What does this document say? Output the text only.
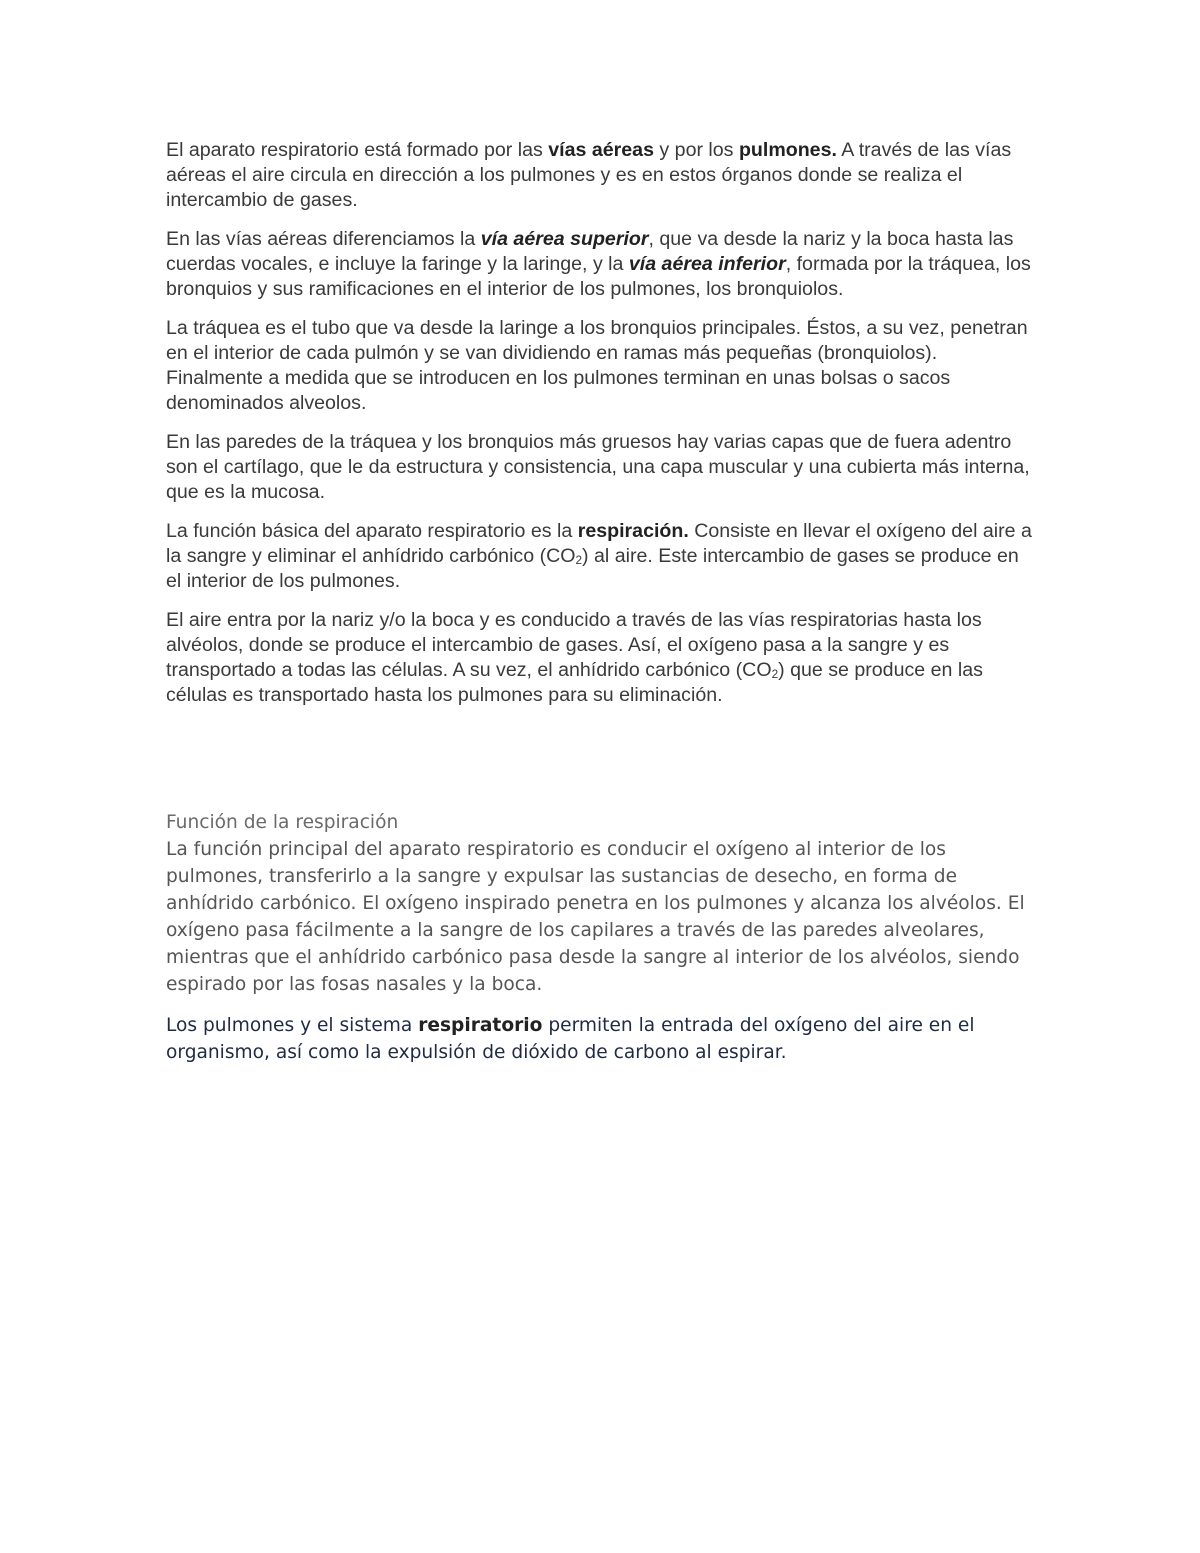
El aparato respiratorio está formado por las vías aéreas y por los pulmones. A través de las vías aéreas el aire circula en dirección a los pulmones y es en estos órganos donde se realiza el intercambio de gases.

En las vías aéreas diferenciamos la vía aérea superior, que va desde la nariz y la boca hasta las cuerdas vocales, e incluye la faringe y la laringe, y la vía aérea inferior, formada por la tráquea, los bronquios y sus ramificaciones en el interior de los pulmones, los bronquiolos.

La tráquea es el tubo que va desde la laringe a los bronquios principales. Éstos, a su vez, penetran en el interior de cada pulmón y se van dividiendo en ramas más pequeñas (bronquiolos). Finalmente a medida que se introducen en los pulmones terminan en unas bolsas o sacos denominados alveolos.

En las paredes de la tráquea y los bronquios más gruesos hay varias capas que de fuera adentro son el cartílago, que le da estructura y consistencia, una capa muscular y una cubierta más interna, que es la mucosa.

La función básica del aparato respiratorio es la respiración. Consiste en llevar el oxígeno del aire a la sangre y eliminar el anhídrido carbónico $(CO_2)$ al aire. Este intercambio de gases se produce en el interior de los pulmones.

El aire entra por la nariz y/o la boca y es conducido a través de las vías respiratorias hasta los alvéolos, donde se produce el intercambio de gases. Así, el oxígeno pasa a la sangre y es transportado a todas las células. A su vez, el anhídrido carbónico $(CO_2)$ que se produce en las células es transportado hasta los pulmones para su eliminación.

Función de la respiración

La función principal del aparato respiratorio es conducir el oxígeno al interior de los pulmones, transferirlo a la sangre y expulsar las sustancias de desecho, en forma de anhídrido carbónico. El oxígeno inspirado penetra en los pulmones y alcanza los alvéolos. El oxígeno pasa fácilmente a la sangre de los capilares a través de las paredes alveolares, mientras que el anhídrido carbónico pasa desde la sangre al interior de los alvéolos, siendo espirado por las fosas nasales y la boca.

Los pulmones y el sistema respiratorio permiten la entrada del oxígeno del aire en el organismo, así como la expulsión de dióxido de carbono al espirar.
